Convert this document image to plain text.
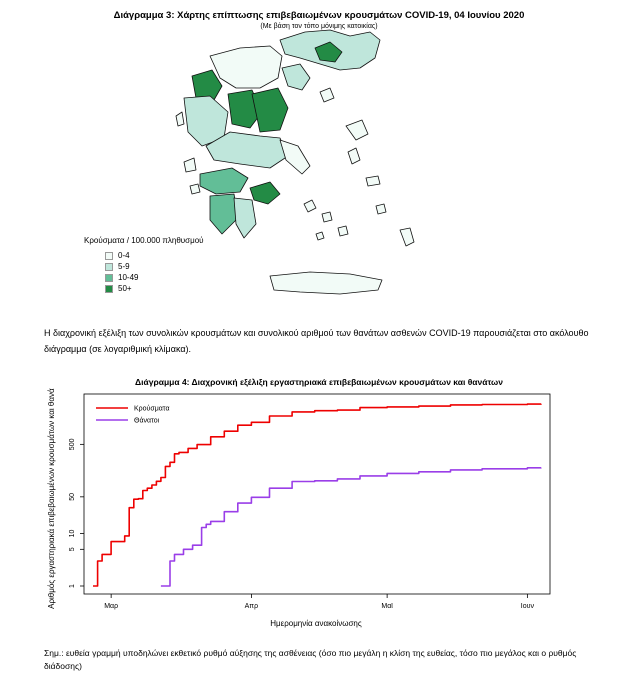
Διάγραμμα 3: Χάρτης επίπτωσης επιβεβαιωμένων κρουσμάτων COVID-19, 04 Ιουνίου 2020
(Με βάση τον τόπο μόνιμης κατοικίας)
Κρούσματα / 100.000 πληθυσμού
0-4
5-9
10-49
50+
Η διαχρονική εξέλιξη των συνολικών κρουσμάτων και συνολικού αριθμού των θανάτων ασθενών COVID-19 παρουσιάζεται στο ακόλουθο διάγραμμα (σε λογαριθμική κλίμακα).
Διάγραμμα 4: Διαχρονική εξέλιξη εργαστηριακά επιβεβαιωμένων κρουσμάτων και θανάτων
Αριθμός εργαστηριακά επιβεβαιωμένων κρουσμάτων και θανάτων
Ημερομηνία ανακοίνωσης
1
5
10
50
500
Μαρ	Απρ	Μαϊ	Ιουν
Κρούσματα
Θάνατοι
Σημ.: ευθεία γραμμή υποδηλώνει εκθετικό ρυθμό αύξησης της ασθένειας (όσο πιο μεγάλη η κλίση της ευθείας, τόσο πιο μεγάλος και ο ρυθμός διάδοσης)
